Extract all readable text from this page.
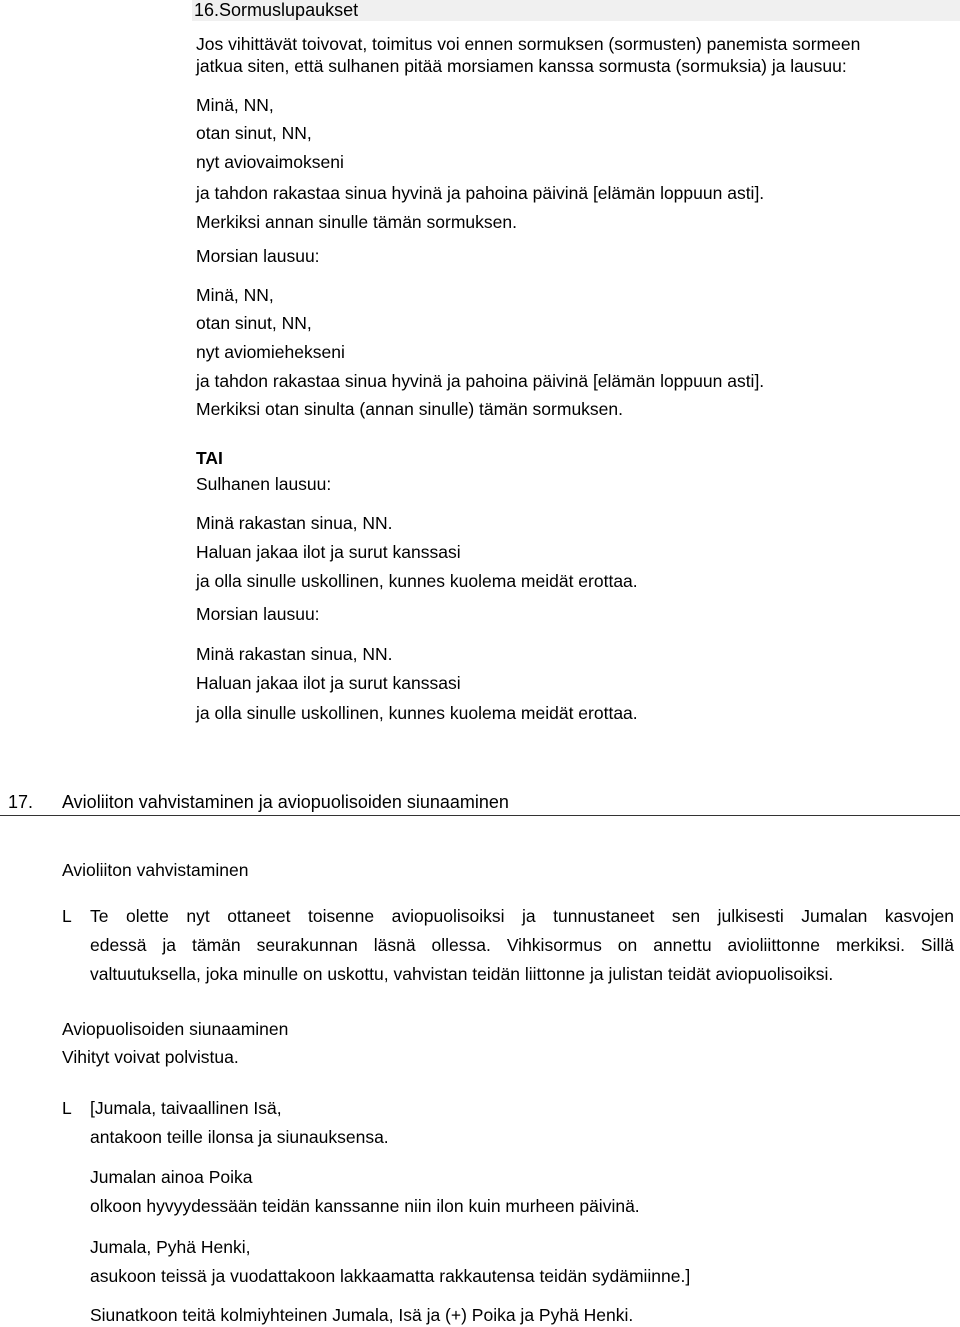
16.Sormuslupaukset
Jos vihittävät toivovat, toimitus voi ennen sormuksen (sormusten) panemista sormeen
jatkua siten, että sulhanen pitää morsiamen kanssa sormusta (sormuksia) ja lausuu:
Minä, NN,
otan sinut, NN,
nyt aviovaimokseni
ja tahdon rakastaa sinua hyvinä ja pahoina päivinä [elämän loppuun asti].
Merkiksi annan sinulle tämän sormuksen.
Morsian lausuu:
Minä, NN,
otan sinut, NN,
nyt aviomiehekseni
ja tahdon rakastaa sinua hyvinä ja pahoina päivinä [elämän loppuun asti].
Merkiksi otan sinulta (annan sinulle) tämän sormuksen.
TAI
Sulhanen lausuu:
Minä rakastan sinua, NN.
Haluan jakaa ilot ja surut kanssasi
ja olla sinulle uskollinen, kunnes kuolema meidät erottaa.
Morsian lausuu:
Minä rakastan sinua, NN.
Haluan jakaa ilot ja surut kanssasi
ja olla sinulle uskollinen, kunnes kuolema meidät erottaa.
17. Avioliiton vahvistaminen ja aviopuolisoiden siunaaminen
Avioliiton vahvistaminen
L Te olette nyt ottaneet toisenne aviopuolisoiksi ja tunnustaneet sen julkisesti Jumalan kasvojen
edessä ja tämän seurakunnan läsnä ollessa. Vihkisormus on annettu avioliittonne merkiksi. Sillä
valtuutuksella, joka minulle on uskottu, vahvistan teidän liittonne ja julistan teidät aviopuolisoiksi.
Aviopuolisoiden siunaaminen
Vihityt voivat polvistua.
L [Jumala, taivaallinen Isä,
antakoon teille ilonsa ja siunauksensa.
Jumalan ainoa Poika
olkoon hyvyydessään teidän kanssanne niin ilon kuin murheen päivinä.
Jumala, Pyhä Henki,
asukoon teissä ja vuodattakoon lakkaamatta rakkautensa teidän sydämiinne.]
Siunatkoon teitä kolmiyhteinen Jumala, Isä ja (+) Poika ja Pyhä Henki.
